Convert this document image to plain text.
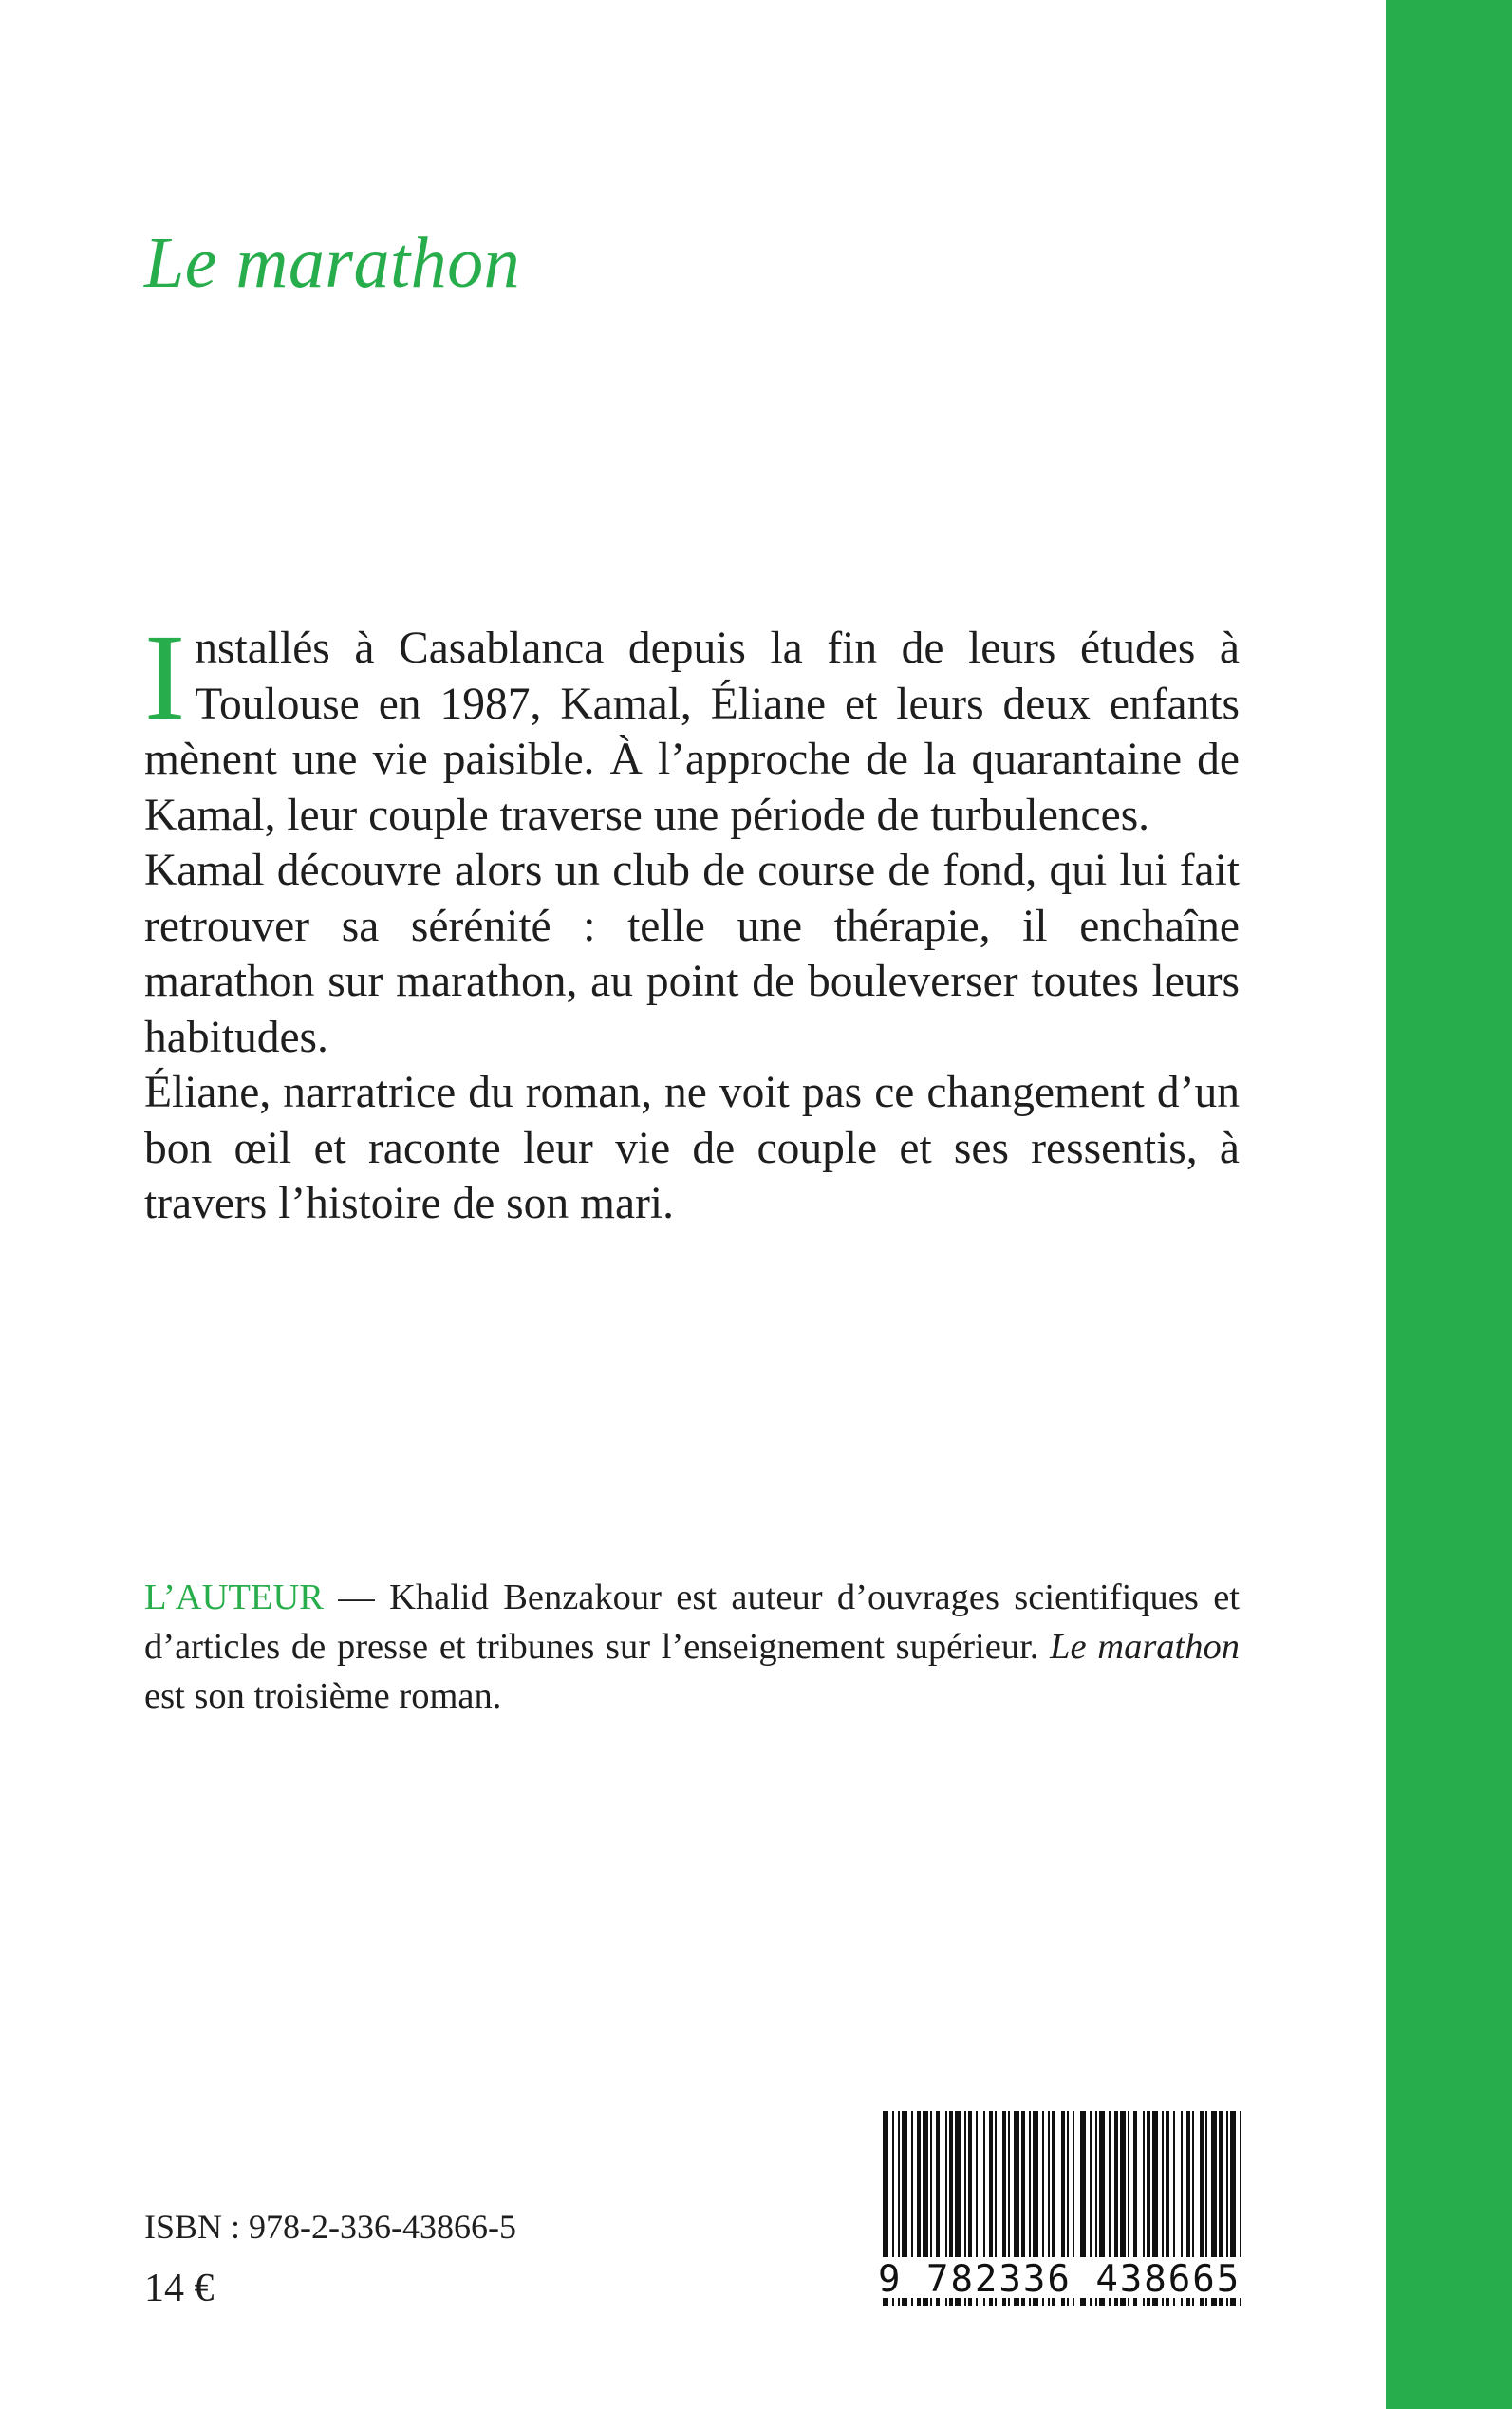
Le marathon

Installés à Casablanca depuis la fin de leurs études à Toulouse en 1987, Kamal, Éliane et leurs deux enfants mènent une vie paisible. À l’approche de la quarantaine de Kamal, leur couple traverse une période de turbulences.

Kamal découvre alors un club de course de fond, qui lui fait retrouver sa sérénité : telle une thérapie, il enchaîne marathon sur marathon, au point de bouleverser toutes leurs habitudes.

Éliane, narratrice du roman, ne voit pas ce changement d’un bon œil et raconte leur vie de couple et ses ressentis, à travers l’histoire de son mari.

L’AUTEUR — Khalid Benzakour est auteur d’ouvrages scientifiques et d’articles de presse et tribunes sur l’enseignement supérieur. Le marathon est son troisième roman.

ISBN : 978-2-336-43866-5

14 €	9 782336 438665
